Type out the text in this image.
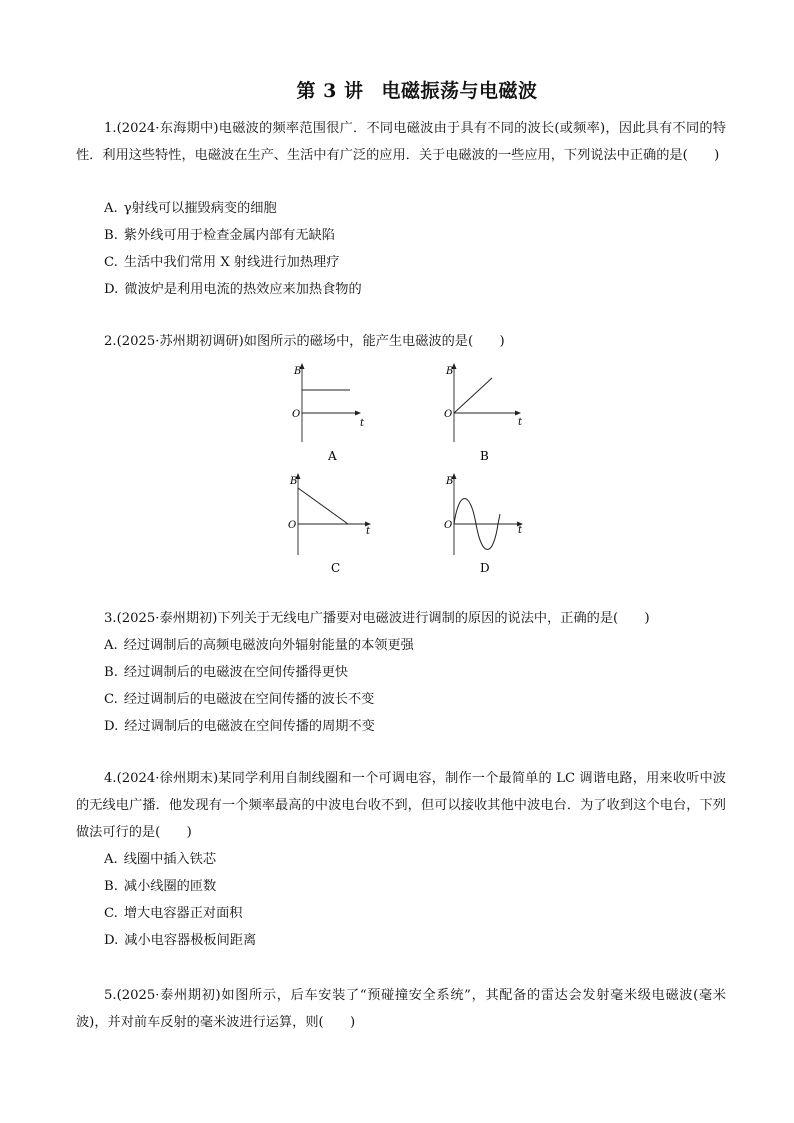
第 3 讲 电磁振荡与电磁波
1.(2024·东海期中)电磁波的频率范围很广．不同电磁波由于具有不同的波长(或频率)，因此具有不同的特性．利用这些特性，电磁波在生产、生活中有广泛的应用．关于电磁波的一些应用，下列说法中正确的是(　　)
A. γ射线可以摧毁病变的细胞
B. 紫外线可用于检查金属内部有无缺陷
C. 生活中我们常用 X 射线进行加热理疗
D. 微波炉是利用电流的热效应来加热食物的
2.(2025·苏州期初调研)如图所示的磁场中，能产生电磁波的是(　　)
B
O
t
A
B
O
t
B
B
O
t
C
B
O	t
D
3.(2025·泰州期初)下列关于无线电广播要对电磁波进行调制的原因的说法中，正确的是(　　)
A. 经过调制后的高频电磁波向外辐射能量的本领更强
B. 经过调制后的电磁波在空间传播得更快
C. 经过调制后的电磁波在空间传播的波长不变
D. 经过调制后的电磁波在空间传播的周期不变
4.(2024·徐州期末)某同学利用自制线圈和一个可调电容，制作一个最简单的 LC 调谐电路，用来收听中波的无线电广播．他发现有一个频率最高的中波电台收不到，但可以接收其他中波电台．为了收到这个电台，下列做法可行的是(　　)
A. 线圈中插入铁芯
B. 减小线圈的匝数
C. 增大电容器正对面积
D. 减小电容器极板间距离
5.(2025·泰州期初)如图所示，后车安装了“预碰撞安全系统”，其配备的雷达会发射毫米级电磁波(毫米波)，并对前车反射的毫米波进行运算，则(　　)
